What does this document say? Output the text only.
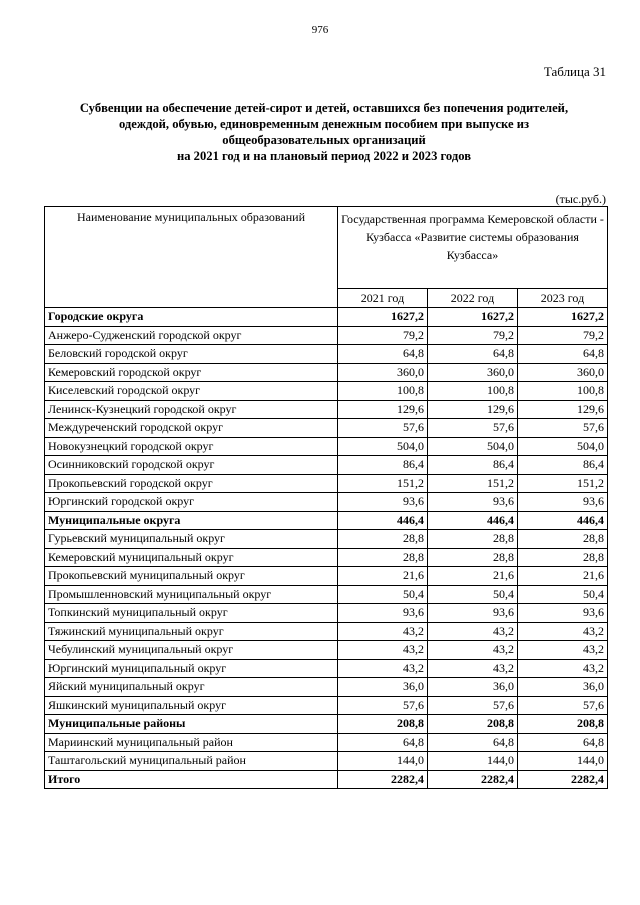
976
Таблица 31
Субвенции на обеспечение детей-сирот и детей, оставшихся без попечения родителей,
одеждой, обувью, единовременным денежным пособием при выпуске из
общеобразовательных организаций
на 2021 год и на плановый период 2022 и 2023 годов
(тыс.руб.)
Наименование муниципальных образований	Государственная программа Кемеровской области - Кузбасса «Развитие системы образования Кузбасса»		
	2021 год	2022 год	2023 год
Городские округа	1627,2	1627,2	1627,2
Анжеро-Судженский городской округ	79,2	79,2	79,2
Беловский городской округ	64,8	64,8	64,8
Кемеровский городской округ	360,0	360,0	360,0
Киселевский городской округ	100,8	100,8	100,8
Ленинск-Кузнецкий городской округ	129,6	129,6	129,6
Междуреченский городской округ	57,6	57,6	57,6
Новокузнецкий городской округ	504,0	504,0	504,0
Осинниковский городской округ	86,4	86,4	86,4
Прокопьевский городской округ	151,2	151,2	151,2
Юргинский городской округ	93,6	93,6	93,6
Муниципальные округа	446,4	446,4	446,4
Гурьевский муниципальный округ	28,8	28,8	28,8
Кемеровский муниципальный округ	28,8	28,8	28,8
Прокопьевский муниципальный округ	21,6	21,6	21,6
Промышленновский муниципальный округ	50,4	50,4	50,4
Топкинский муниципальный округ	93,6	93,6	93,6
Тяжинский муниципальный округ	43,2	43,2	43,2
Чебулинский муниципальный округ	43,2	43,2	43,2
Юргинский муниципальный округ	43,2	43,2	43,2
Яйский муниципальный округ	36,0	36,0	36,0
Яшкинский муниципальный округ	57,6	57,6	57,6
Муниципальные районы	208,8	208,8	208,8
Мариинский муниципальный район	64,8	64,8	64,8
Таштагольский муниципальный район	144,0	144,0	144,0
Итого	2282,4	2282,4	2282,4
